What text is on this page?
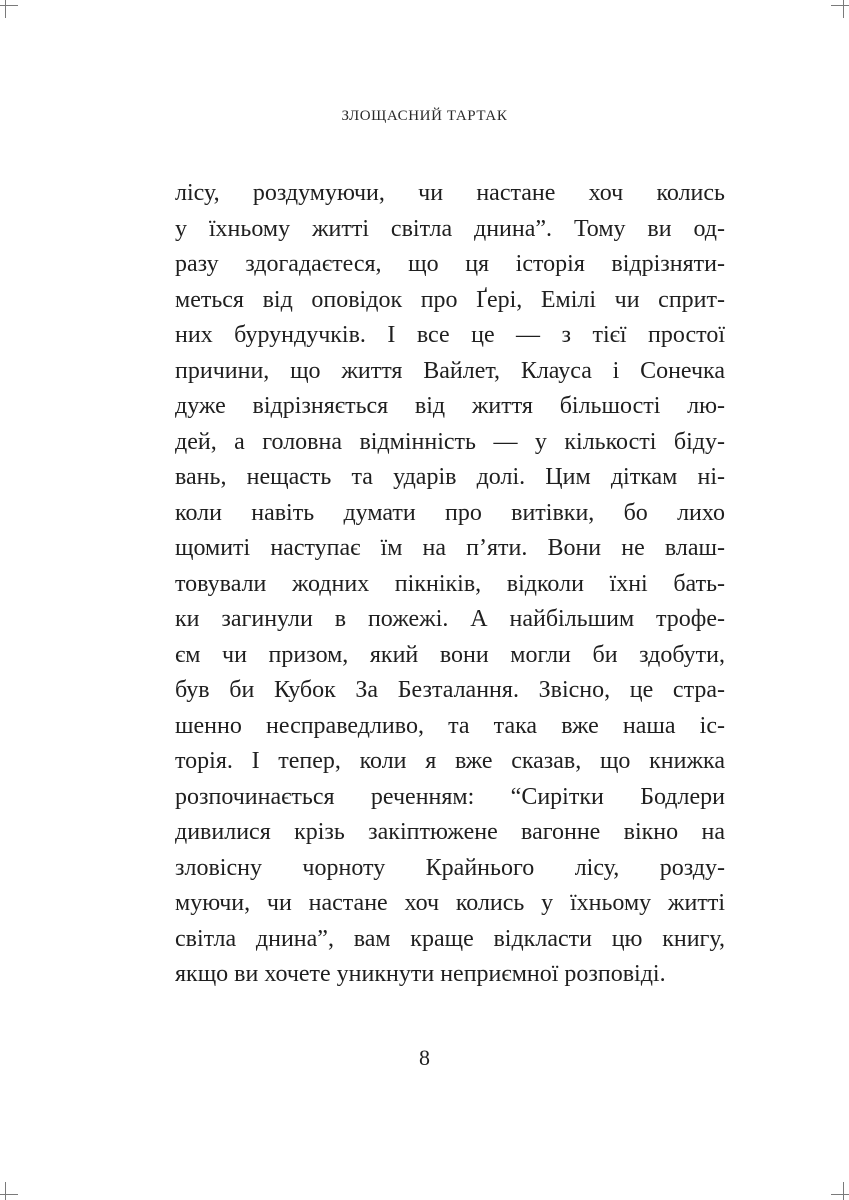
ЗЛОЩАСНИЙ ТАРТАК
лісу, роздумуючи, чи настане хоч колись
у їхньому житті світла днина”. Тому ви од-
разу здогадаєтеся, що ця історія відрізняти-
меться від оповідок про Ґері, Емілі чи сприт-
них бурундучків. І все це — з тієї простої
причини, що життя Вайлет, Клауса і Сонечка
дуже відрізняється від життя більшості лю-
дей, а головна відмінність — у кількості біду-
вань, нещасть та ударів долі. Цим діткам ні-
коли навіть думати про витівки, бо лихо
щомиті наступає їм на п’яти. Вони не влаш-
товували жодних пікніків, відколи їхні бать-
ки загинули в пожежі. А найбільшим трофе-
єм чи призом, який вони могли би здобути,
був би Кубок За Безталання. Звісно, це стра-
шенно несправедливо, та така вже наша іс-
торія. І тепер, коли я вже сказав, що книжка
розпочинається реченням: “Сирітки Бодлери
дивилися крізь закіптюжене вагонне вікно на
зловісну чорноту Крайнього лісу, розду-
муючи, чи настане хоч колись у їхньому житті
світла днина”, вам краще відкласти цю книгу,
якщо ви хочете уникнути неприємної розповіді.
8
